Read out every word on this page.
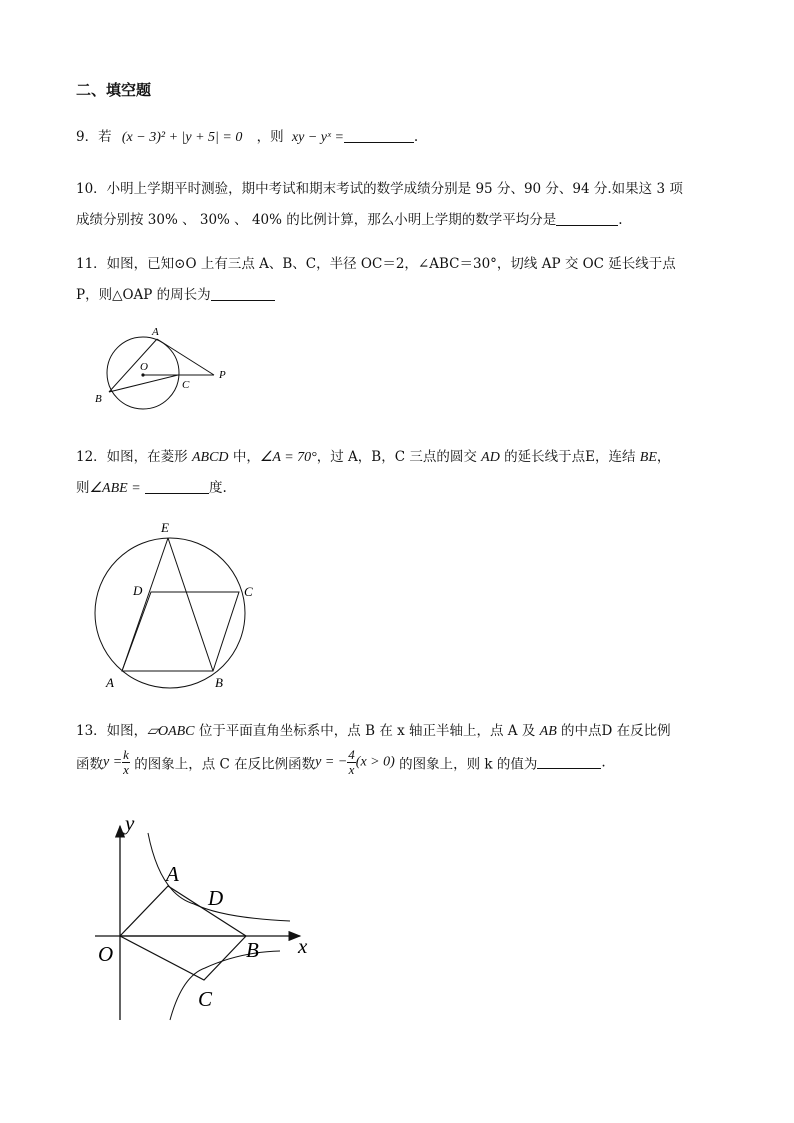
二、填空题
9．若 (x − 3)² + |y + 5| = 0 ，则 xy − yˣ =	.
10．小明上学期平时测验，期中考试和期末考试的数学成绩分别是 95 分、90 分、94 分.如果这 3 项
成绩分别按 30% 、 30% 、 40% 的比例计算，那么小明上学期的数学平均分是	.
11．如图，已知⊙O 上有三点 A、B、C，半径 OC＝2，∠ABC＝30°，切线 AP 交 OC 延长线于点
P，则△OAP 的周长为
A
B
C
O
P
12．如图，在菱形 ABCD 中，∠A = 70°，过 A，B，C 三点的圆交 AD 的延长线于点E，连结 BE，
则∠ABE =	度.
E
D	C
A	B
13．如图，▱OABC 位于平面直角坐标系中，点 B 在 x 轴正半轴上，点 A 及 AB 的中点D 在反比例
函数$y = \frac{k}{x}$ 的图象上，点 C 在反比例函数y = − $\frac{4}{x} (x > 0)$ 的图象上，则 k 的值为	.
y
x
O
A
D
B
C
